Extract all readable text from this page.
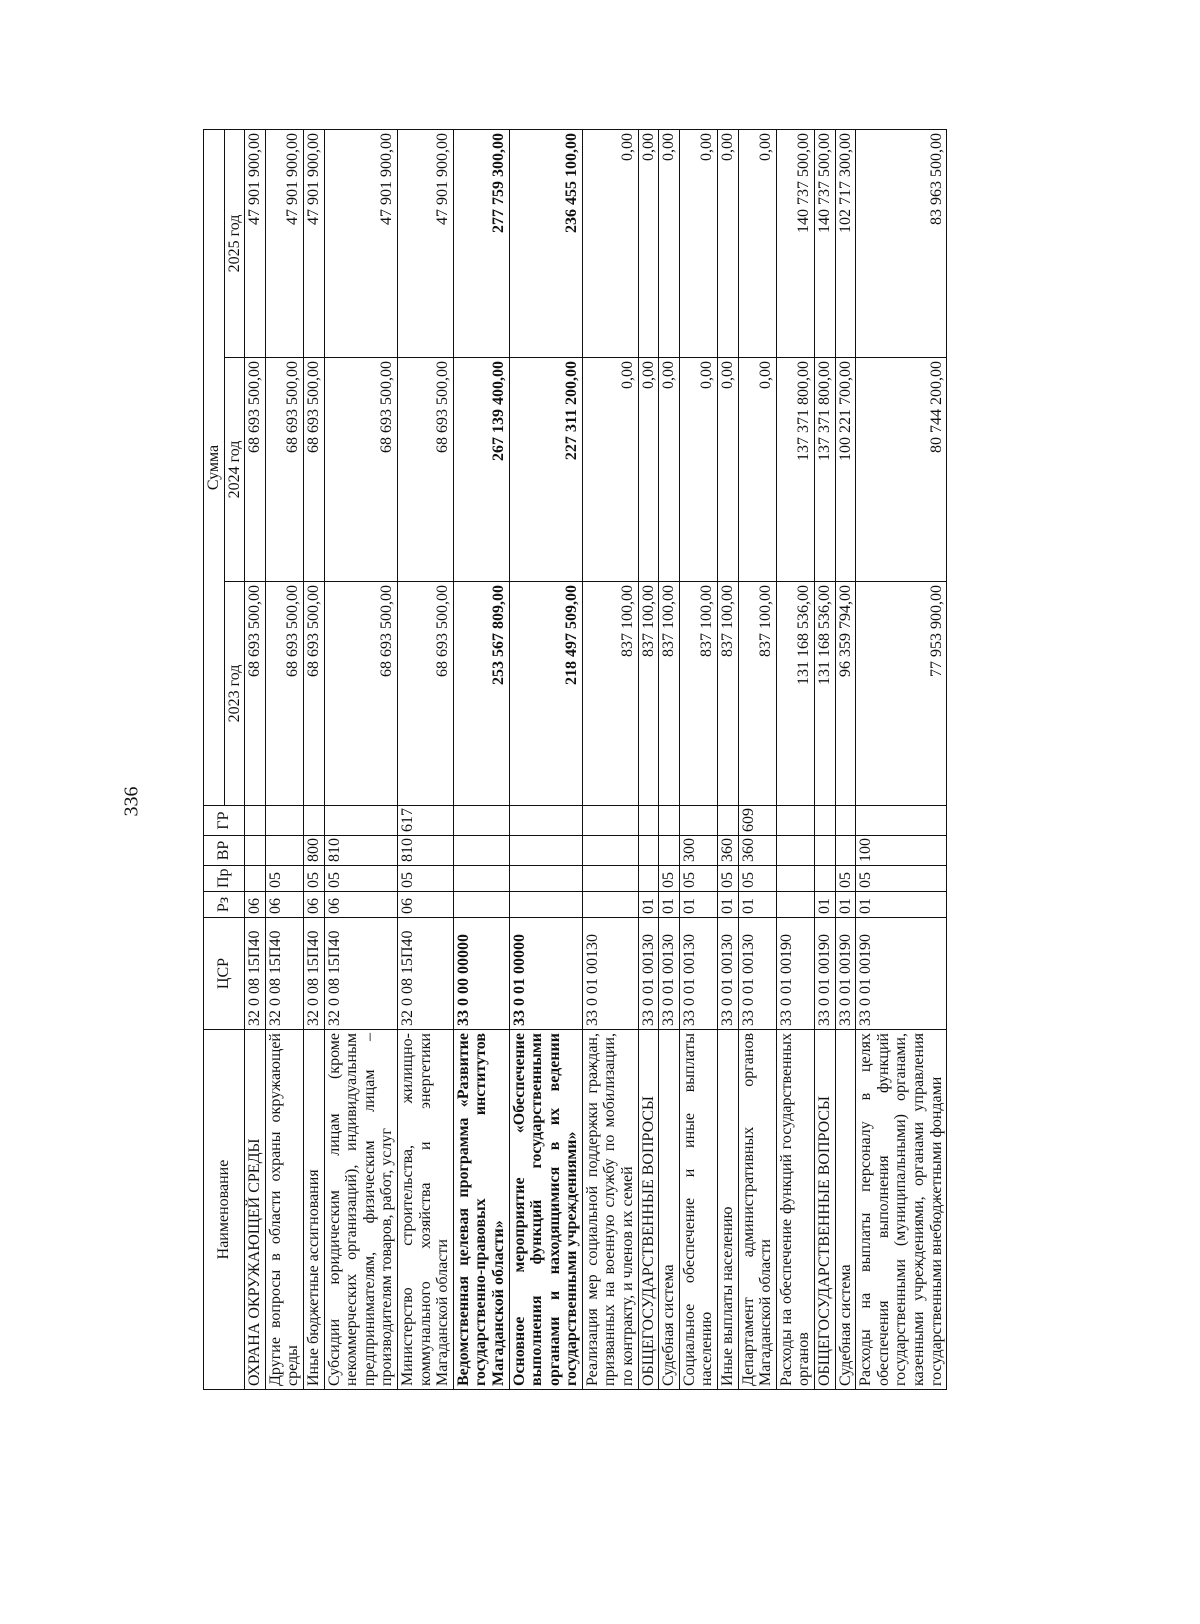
336
Наименование	ЦСР	Рз	Пр	ВР	ГР	Сумма		
						2023 год	2024 год	2025 год
ОХРАНА ОКРУЖАЮЩЕЙ СРЕДЫ	32 0 08 15П40	06				68 693 500,00	68 693 500,00	47 901 900,00
Другие вопросы в области охраны окружающей среды	32 0 08 15П40	06	05			68 693 500,00	68 693 500,00	47 901 900,00
Иные бюджетные ассигнования	32 0 08 15П40	06	05	800		68 693 500,00	68 693 500,00	47 901 900,00
Субсидии юридическим лицам (кроме некоммерческих организаций), индивидуальным предпринимателям, физическим лицам – производителям товаров, работ, услуг	32 0 08 15П40	06	05	810		68 693 500,00	68 693 500,00	47 901 900,00
Министерство строительства, жилищно-коммунального хозяйства и энергетики Магаданской области	32 0 08 15П40	06	05	810	617	68 693 500,00	68 693 500,00	47 901 900,00
Ведомственная целевая программа «Развитие государственно-правовых институтов Магаданской области»	33 0 00 00000					253 567 809,00	267 139 400,00	277 759 300,00
Основное мероприятие «Обеспечение выполнения функций государственными органами и находящимися в их ведении государственными учреждениями»	33 0 01 00000					218 497 509,00	227 311 200,00	236 455 100,00
Реализация мер социальной поддержки граждан, призванных на военную службу по мобилизации, по контракту, и членов их семей	33 0 01 00130					837 100,00	0,00	0,00
ОБЩЕГОСУДАРСТВЕННЫЕ ВОПРОСЫ	33 0 01 00130	01				837 100,00	0,00	0,00
Судебная система	33 0 01 00130	01	05			837 100,00	0,00	0,00
Социальное обеспечение и иные выплаты населению	33 0 01 00130	01	05	300		837 100,00	0,00	0,00
Иные выплаты населению	33 0 01 00130	01	05	360		837 100,00	0,00	0,00
Департамент административных органов Магаданской области	33 0 01 00130	01	05	360	609	837 100,00	0,00	0,00
Расходы на обеспечение функций государственных органов	33 0 01 00190					131 168 536,00	137 371 800,00	140 737 500,00
ОБЩЕГОСУДАРСТВЕННЫЕ ВОПРОСЫ	33 0 01 00190	01				131 168 536,00	137 371 800,00	140 737 500,00
Судебная система	33 0 01 00190	01	05			96 359 794,00	100 221 700,00	102 717 300,00
Расходы на выплаты персоналу в целях обеспечения выполнения функций государственными (муниципальными) органами, казенными учреждениями, органами управления государственными внебюджетными фондами	33 0 01 00190	01	05	100		77 953 900,00	80 744 200,00	83 963 500,00
